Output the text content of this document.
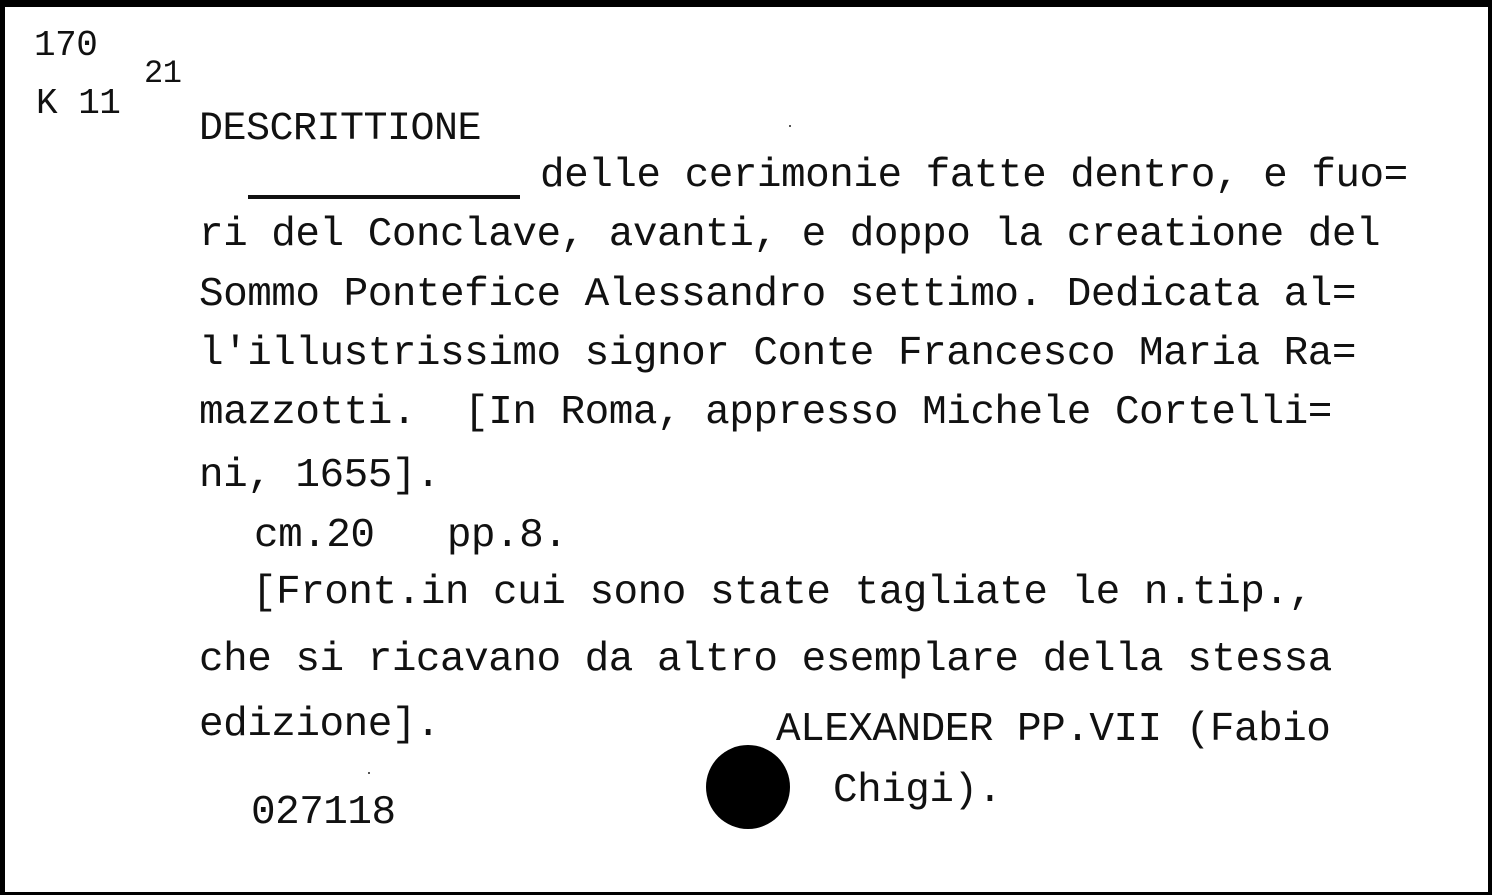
170
K 11
21
DESCRITTIONE
delle cerimonie fatte dentro, e fuo=
ri del Conclave, avanti, e doppo la creatione del
Sommo Pontefice Alessandro settimo. Dedicata al=
l'illustrissimo signor Conte Francesco Maria Ra=
mazzotti.  [In Roma, appresso Michele Cortelli=
ni, 1655].
cm.20   pp.8.
[Front.in cui sono state tagliate le n.tip.,
che si ricavano da altro esemplare della stessa
edizione].	ALEXANDER PP.VII (Fabio
Chigi).
027118
